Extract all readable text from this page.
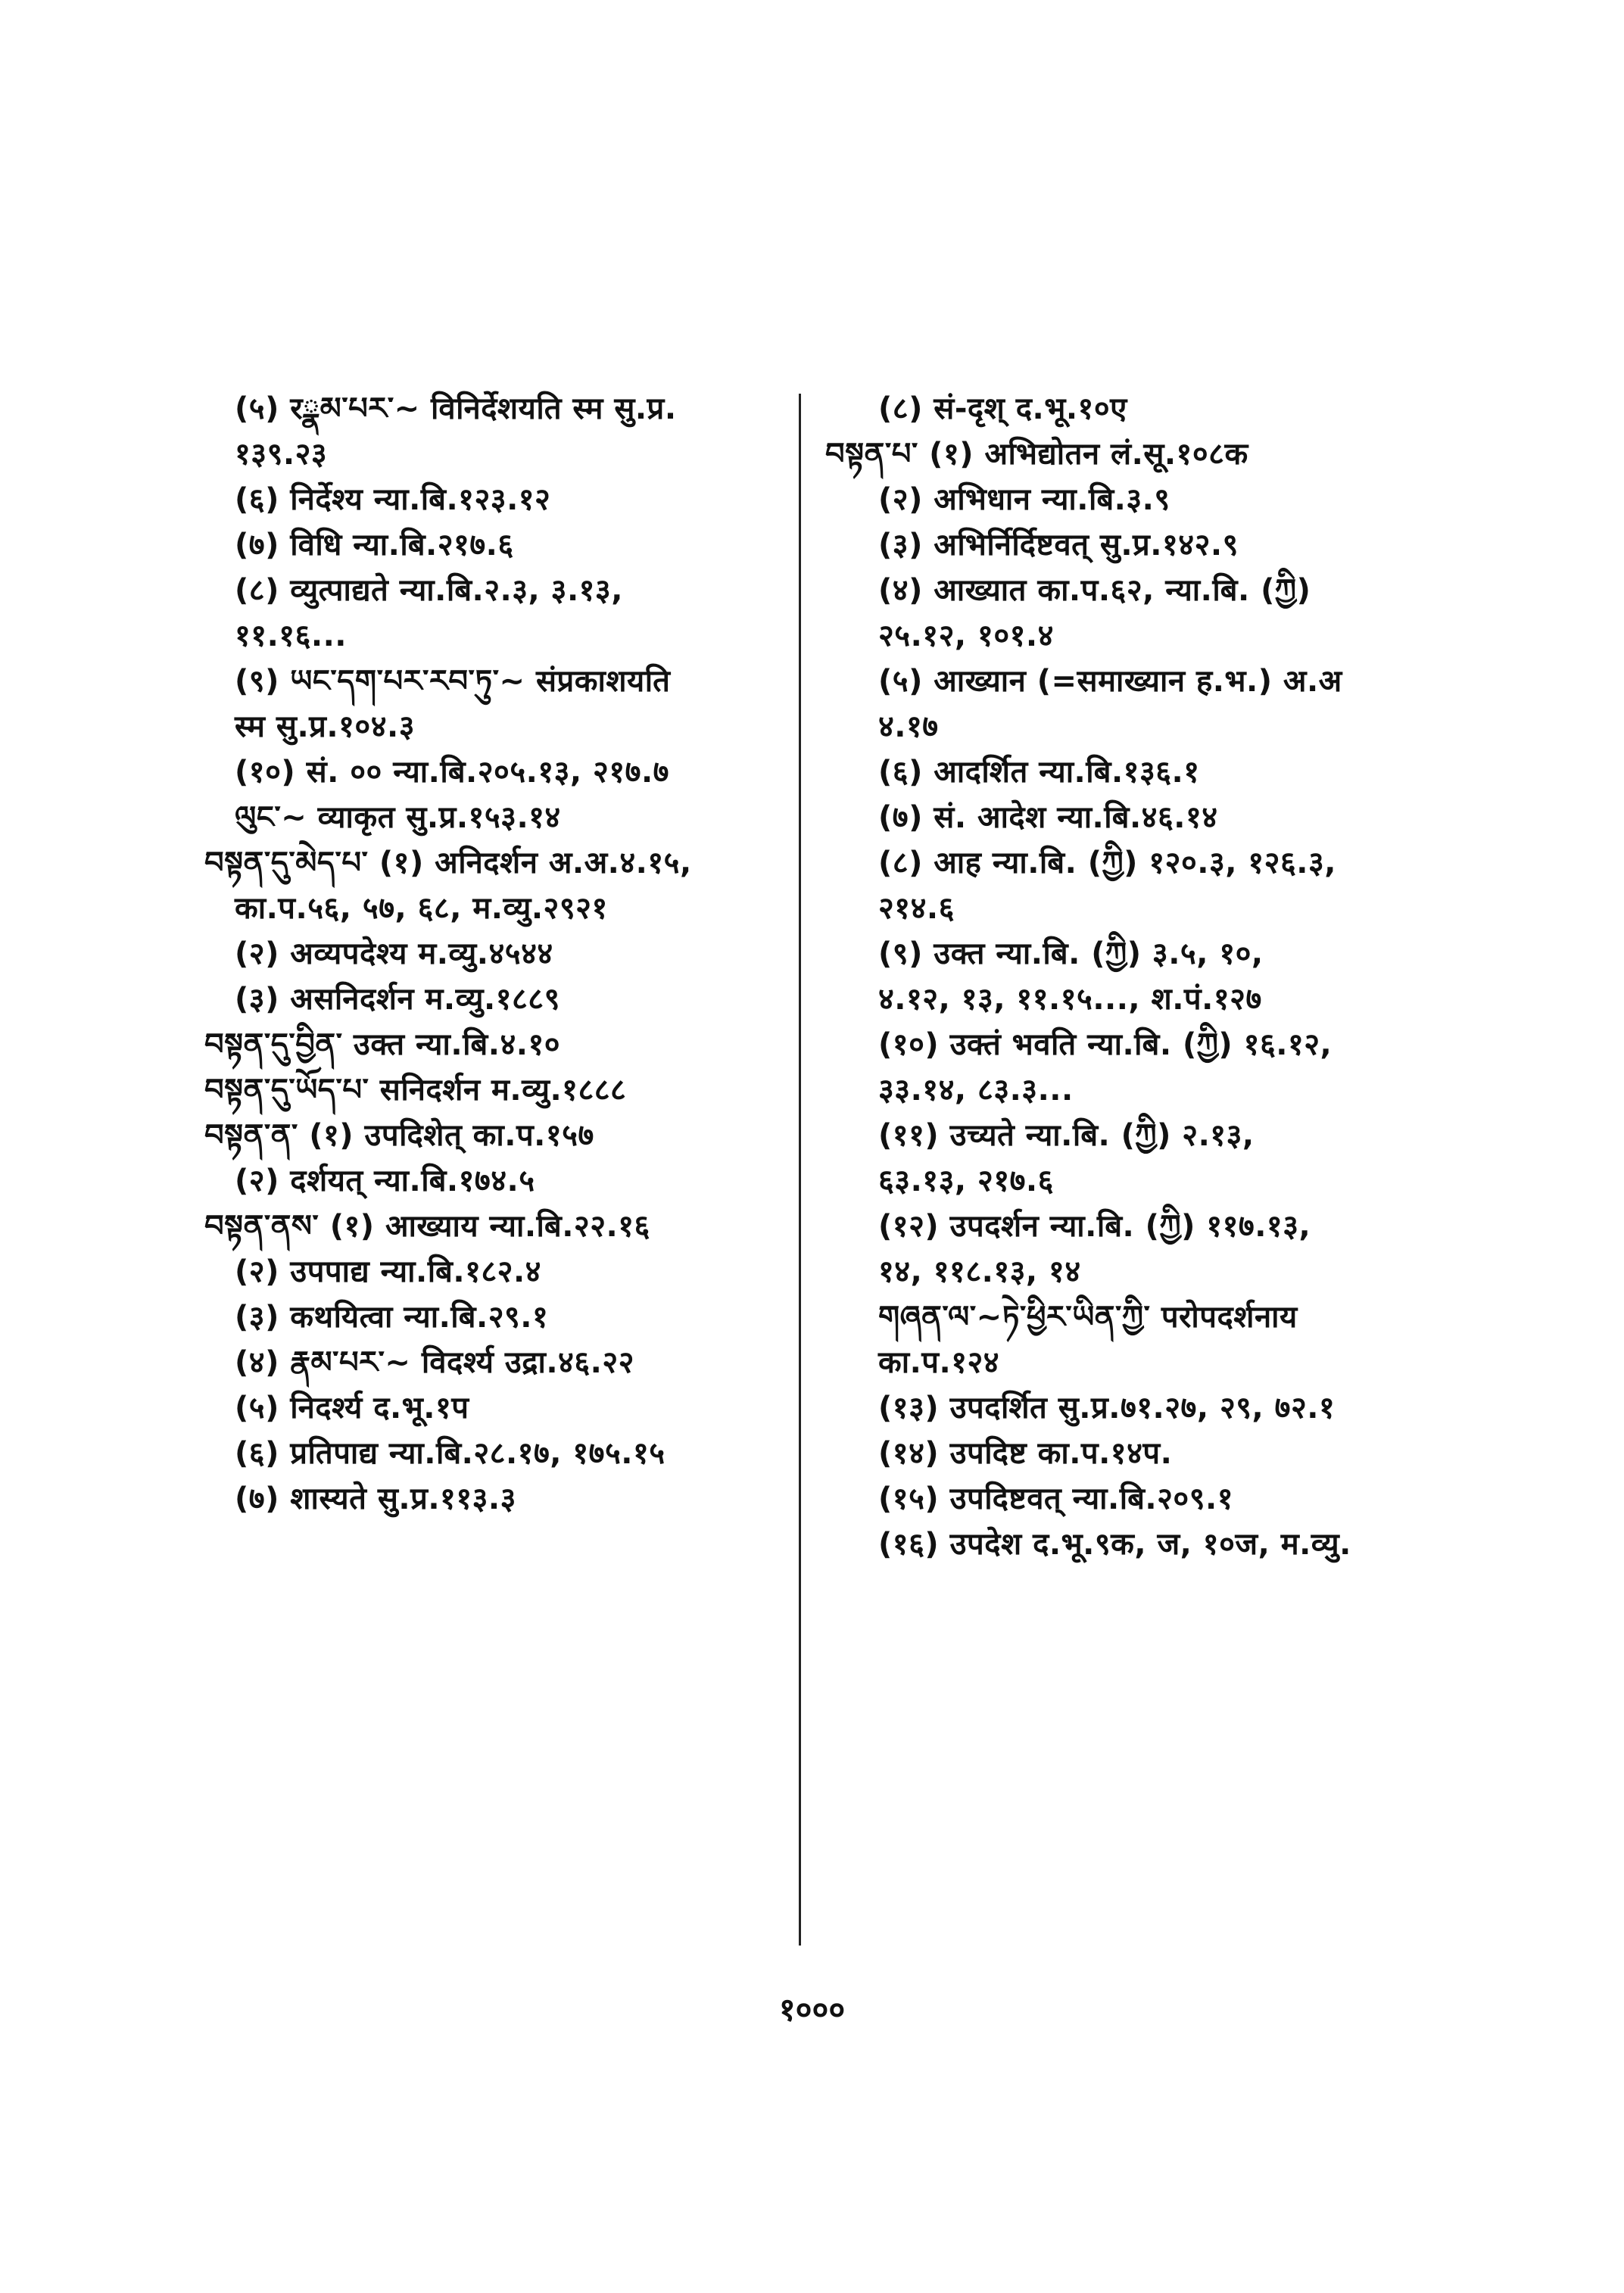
(५) रྣམ་པར་~ विनिर्देशयति स्म सु.प्र.
१३९.२३
(६) निर्देश्य न्या.बि.१२३.१२
(७) विधि न्या.बि.२१७.६
(८) व्युत्पाद्यते न्या.बि.२.३, ३.१३,
११.१६...
(९) ཡང་དག་པར་རབ་ཏུ་~ संप्रकाशयति
स्म सु.प्र.१०४.३
(१०) सं. ०० न्या.बि.२०५.१३, २१७.७
ལུང་~ व्याकृत सु.प्र.१५३.१४
བསྟན་དུ་མེད་པ་ (१) अनिदर्शन अ.अ.४.१५,
का.प.५६, ५७, ६८, म.व्यु.२९२१
(२) अव्यपदेश्य म.व्यु.४५४४
(३) असनिदर्शन म.व्यु.१८८९
བསྟན་དུ་བྱིན་ उक्त न्या.बि.४.१०
བསྟན་དུ་ཡོད་པ་ सनिदर्शन म.व्यु.१८८८
བསྟན་ན་ (१) उपदिशेत् का.प.१५७
(२) दर्शयत् न्या.बि.१७४.५
བསྟན་ནས་ (१) आख्याय न्या.बि.२२.१६
(२) उपपाद्य न्या.बि.१८२.४
(३) कथयित्वा न्या.बि.२९.१
(४) རྣམ་པར་~ विदर्श्य उद्रा.४६.२२
(५) निदर्श्य द.भू.१प
(६) प्रतिपाद्य न्या.बि.२८.१७, १७५.१५
(७) शास्यते सु.प्र.११३.३
(८) सं-दृश् द.भू.१०ए
བསྟན་པ་ (१) अभिद्योतन लं.सू.१०८क
(२) अभिधान न्या.बि.३.९
(३) अभिर्निर्दिष्टवत् सु.प्र.१४२.९
(४) आख्यात का.प.६२, न्या.बि. (ཀྱི)
२५.१२, १०१.४
(५) आख्यान (=समाख्यान ह.भ.) अ.अ
४.१७
(६) आदर्शित न्या.बि.१३६.१
(७) सं. आदेश न्या.बि.४६.१४
(८) आह न्या.बि. (ཀྱི) १२०.३, १२६.३,
२१४.६
(९) उक्त न्या.बि. (ཀྱི) ३.५, १०,
४.१२, १३, ११.१५..., श.पं.१२७
(१०) उक्तं भवति न्या.बि. (ཀྱི) १६.१२,
३३.१४, ८३.३...
(११) उच्यते न्या.बि. (ཀྱི) २.१३,
६३.१३, २१७.६
(१२) उपदर्शन न्या.बि. (ཀྱི) ११७.१३,
१४, ११८.१३, १४
གཞན་ལ་~ཏེ་ཕྱིར་ཡིན་ཀྱི་ परोपदर्शनाय
का.प.१२४
(१३) उपदर्शित सु.प्र.७१.२७, २९, ७२.१
(१४) उपदिष्ट का.प.१४प.
(१५) उपदिष्टवत् न्या.बि.२०९.१
(१६) उपदेश द.भू.९क, ज, १०ज, म.व्यु.
१०००
